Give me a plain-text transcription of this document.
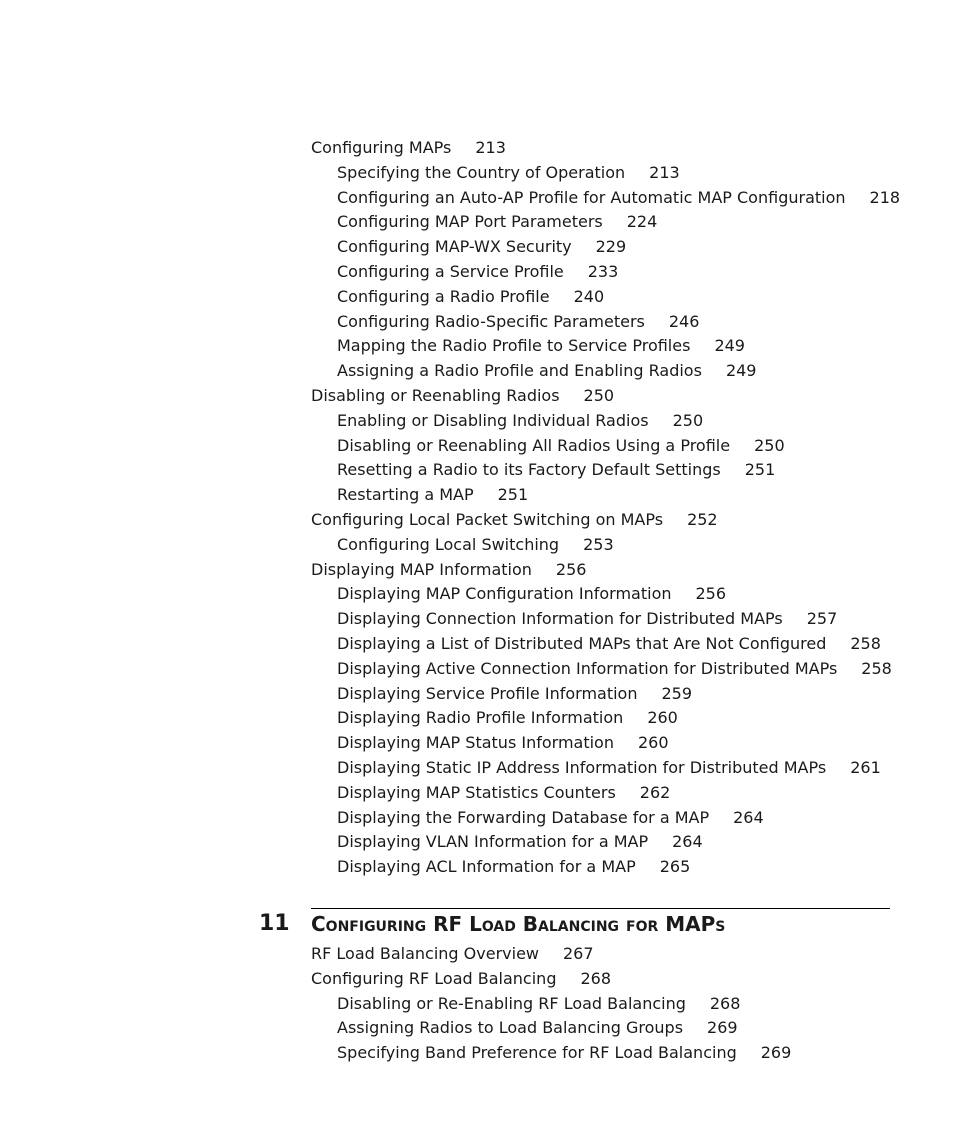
Configuring MAPs 213
Specifying the Country of Operation 213
Configuring an Auto-AP Profile for Automatic MAP Configuration 218
Configuring MAP Port Parameters 224
Configuring MAP-WX Security 229
Configuring a Service Profile 233
Configuring a Radio Profile 240
Configuring Radio-Specific Parameters 246
Mapping the Radio Profile to Service Profiles 249
Assigning a Radio Profile and Enabling Radios 249
Disabling or Reenabling Radios 250
Enabling or Disabling Individual Radios 250
Disabling or Reenabling All Radios Using a Profile 250
Resetting a Radio to its Factory Default Settings 251
Restarting a MAP 251
Configuring Local Packet Switching on MAPs 252
Configuring Local Switching 253
Displaying MAP Information 256
Displaying MAP Configuration Information 256
Displaying Connection Information for Distributed MAPs 257
Displaying a List of Distributed MAPs that Are Not Configured 258
Displaying Active Connection Information for Distributed MAPs 258
Displaying Service Profile Information 259
Displaying Radio Profile Information 260
Displaying MAP Status Information 260
Displaying Static IP Address Information for Distributed MAPs 261
Displaying MAP Statistics Counters 262
Displaying the Forwarding Database for a MAP 264
Displaying VLAN Information for a MAP 264
Displaying ACL Information for a MAP 265
11 Configuring RF Load Balancing for MAPs
RF Load Balancing Overview 267
Configuring RF Load Balancing 268
Disabling or Re-Enabling RF Load Balancing 268
Assigning Radios to Load Balancing Groups 269
Specifying Band Preference for RF Load Balancing 269
